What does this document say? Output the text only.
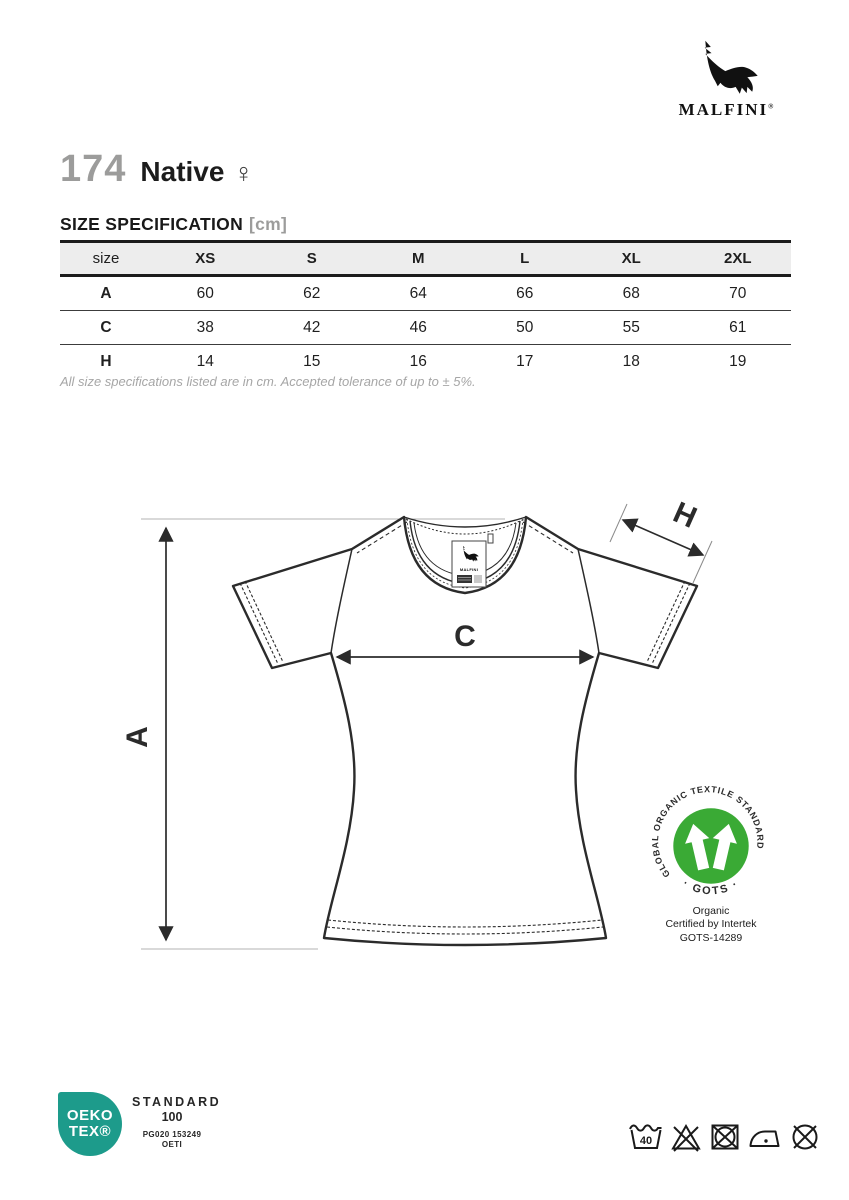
MALFINI®
174 Native ♀
SIZE SPECIFICATION [cm]
size	XS	S	M	L	XL	2XL
A	60	62	64	66	68	70
C	38	42	46	50	55	61
H	14	15	16	17	18	19
All size specifications listed are in cm. Accepted tolerance of up to ± 5%.
MALFINI
A
C
H
GLOBAL ORGANIC TEXTILE STANDARD
· GOTS ·
Organic
Certified by Intertek
GOTS-14289
OEKO
TEX®
STANDARD
100
PG020 153249
OETI	40
